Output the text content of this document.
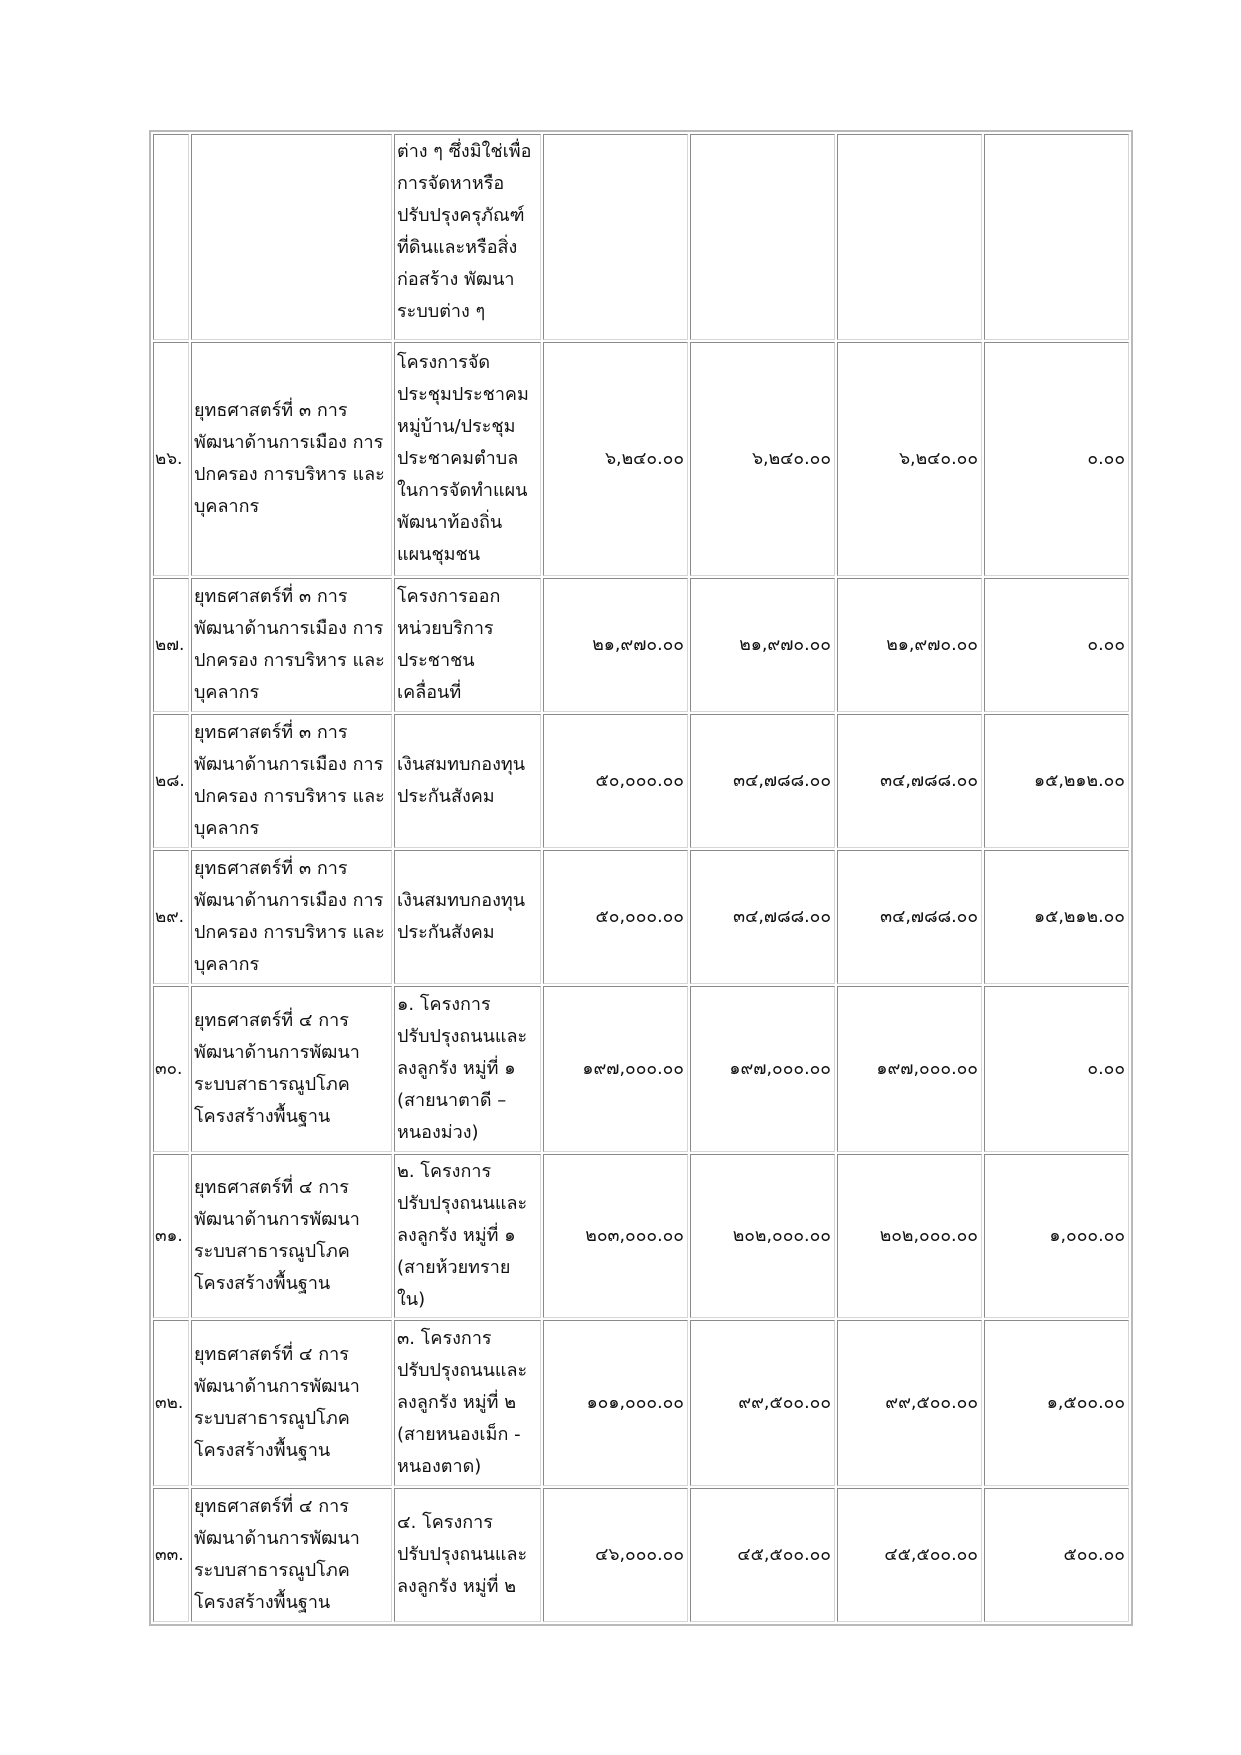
		ต่าง ๆ ซึ่งมิใช่เพื่อการจัดหาหรือปรับปรุงครุภัณฑ์ ที่ดินและหรือสิ่งก่อสร้าง พัฒนาระบบต่าง ๆ				
๒๖.	ยุทธศาสตร์ที่ ๓ การพัฒนาด้านการเมือง การปกครอง การบริหาร และบุคลากร	โครงการจัดประชุมประชาคมหมู่บ้าน/ประชุมประชาคมตำบลในการจัดทำแผนพัฒนาท้องถิ่น แผนชุมชน	๖,๒๔๐.๐๐	๖,๒๔๐.๐๐	๖,๒๔๐.๐๐	๐.๐๐
๒๗.	ยุทธศาสตร์ที่ ๓ การพัฒนาด้านการเมือง การปกครอง การบริหาร และบุคลากร	โครงการออกหน่วยบริการประชาชนเคลื่อนที่	๒๑,๙๗๐.๐๐	๒๑,๙๗๐.๐๐	๒๑,๙๗๐.๐๐	๐.๐๐
๒๘.	ยุทธศาสตร์ที่ ๓ การพัฒนาด้านการเมือง การปกครอง การบริหาร และบุคลากร	เงินสมทบกองทุนประกันสังคม	๕๐,๐๐๐.๐๐	๓๔,๗๘๘.๐๐	๓๔,๗๘๘.๐๐	๑๕,๒๑๒.๐๐
๒๙.	ยุทธศาสตร์ที่ ๓ การพัฒนาด้านการเมือง การปกครอง การบริหาร และบุคลากร	เงินสมทบกองทุนประกันสังคม	๕๐,๐๐๐.๐๐	๓๔,๗๘๘.๐๐	๓๔,๗๘๘.๐๐	๑๕,๒๑๒.๐๐
๓๐.	ยุทธศาสตร์ที่ ๔ การพัฒนาด้านการพัฒนาระบบสาธารณูปโภค โครงสร้างพื้นฐาน	๑. โครงการปรับปรุงถนนและลงลูกรัง หมู่ที่ ๑ (สายนาตาดี – หนองม่วง)	๑๙๗,๐๐๐.๐๐	๑๙๗,๐๐๐.๐๐	๑๙๗,๐๐๐.๐๐	๐.๐๐
๓๑.	ยุทธศาสตร์ที่ ๔ การพัฒนาด้านการพัฒนาระบบสาธารณูปโภค โครงสร้างพื้นฐาน	๒. โครงการปรับปรุงถนนและลงลูกรัง หมู่ที่ ๑ (สายห้วยทรายใน)	๒๐๓,๐๐๐.๐๐	๒๐๒,๐๐๐.๐๐	๒๐๒,๐๐๐.๐๐	๑,๐๐๐.๐๐
๓๒.	ยุทธศาสตร์ที่ ๔ การพัฒนาด้านการพัฒนาระบบสาธารณูปโภค โครงสร้างพื้นฐาน	๓. โครงการปรับปรุงถนนและลงลูกรัง หมู่ที่ ๒ (สายหนองเม็ก - หนองตาด)	๑๐๑,๐๐๐.๐๐	๙๙,๕๐๐.๐๐	๙๙,๕๐๐.๐๐	๑,๕๐๐.๐๐
๓๓.	ยุทธศาสตร์ที่ ๔ การพัฒนาด้านการพัฒนาระบบสาธารณูปโภค โครงสร้างพื้นฐาน	๔. โครงการปรับปรุงถนนและลงลูกรัง หมู่ที่ ๒	๔๖,๐๐๐.๐๐	๔๕,๕๐๐.๐๐	๔๕,๕๐๐.๐๐	๕๐๐.๐๐
